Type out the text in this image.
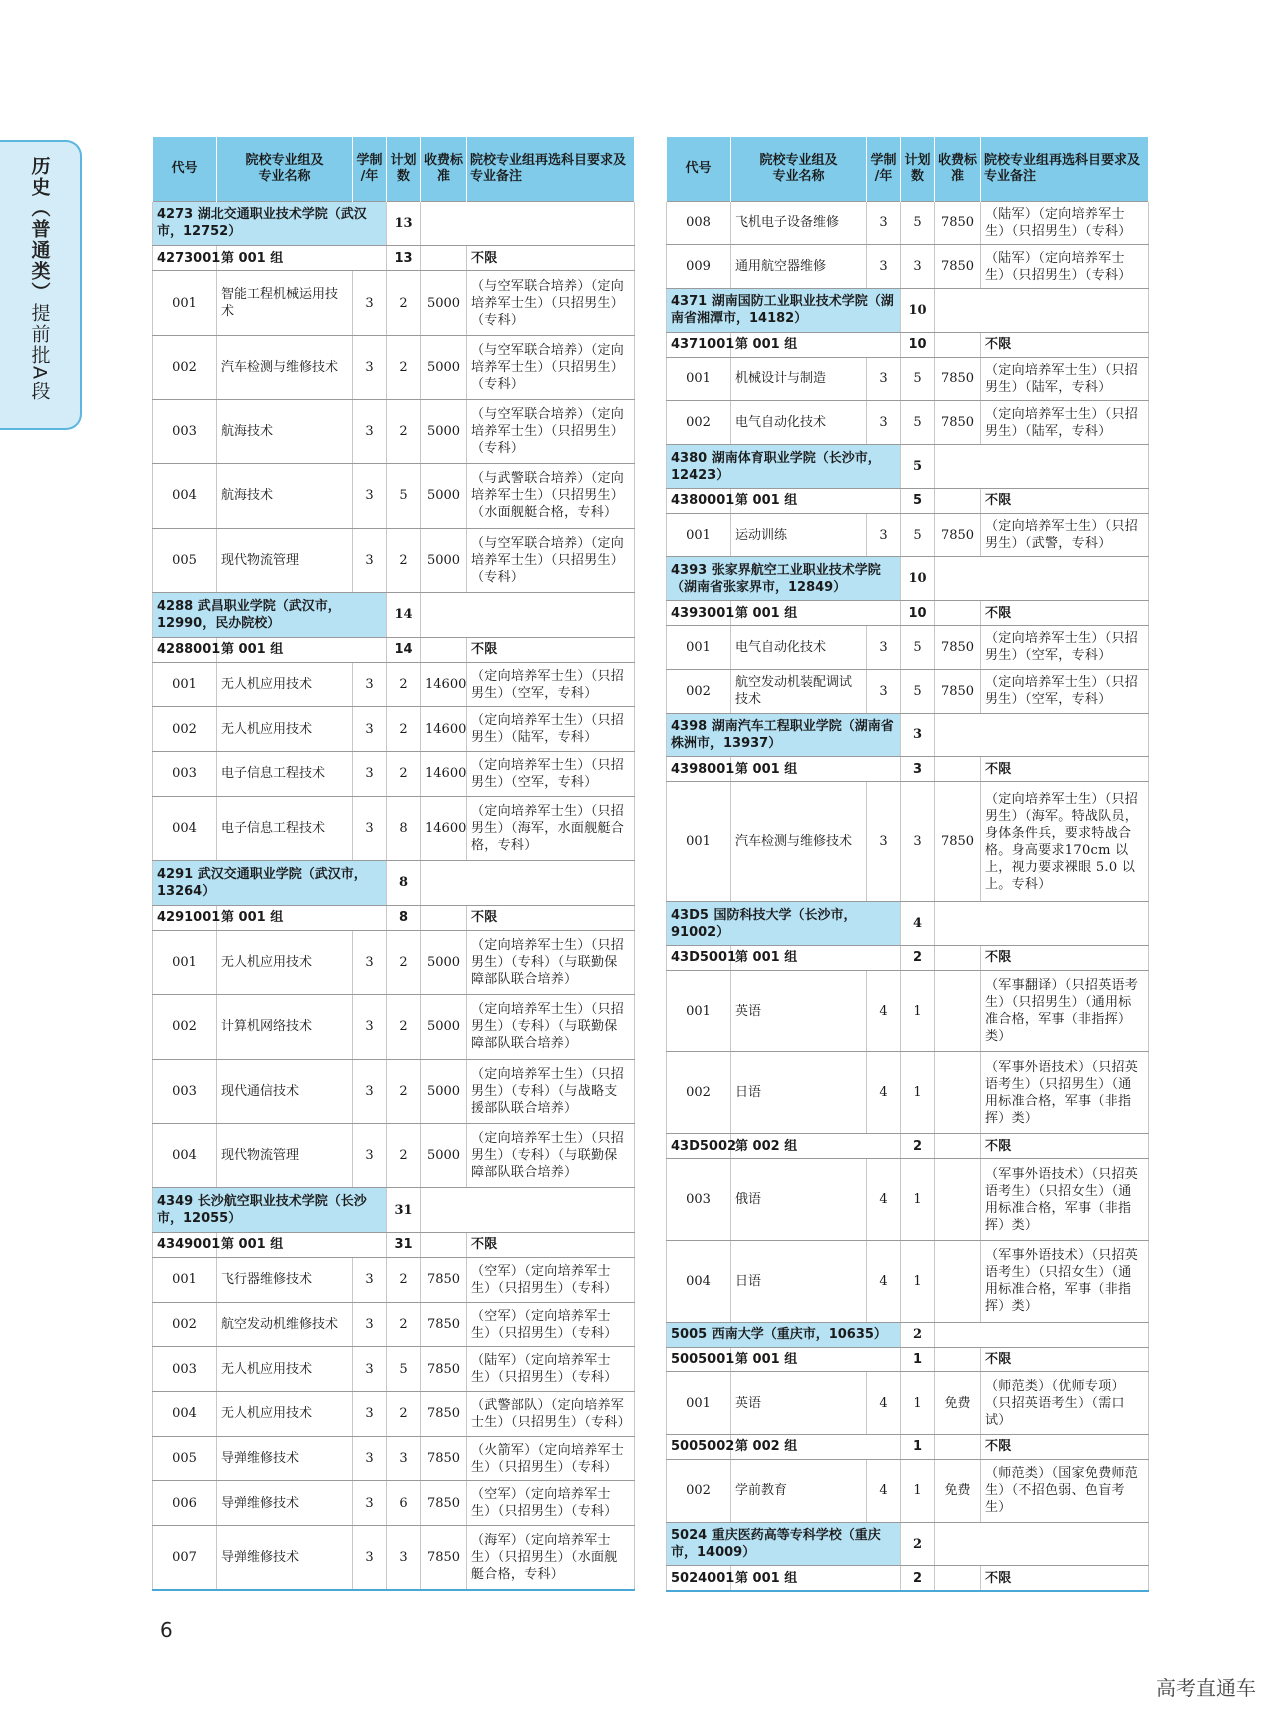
历史（普通类）提前批A段
代号	院校专业组及
专业名称	学制
/年	计划数	收费标准	院校专业组再选科目要求及专业备注
4273 湖北交通职业技术学院（武汉市，12752）			13		
4273001	第 001 组		13		不限
001	智能工程机械运用技术	3	2	5000	（与空军联合培养）（定向培养军士生）（只招男生）（专科）
002	汽车检测与维修技术	3	2	5000	（与空军联合培养）（定向培养军士生）（只招男生）（专科）
003	航海技术	3	2	5000	（与空军联合培养）（定向培养军士生）（只招男生）（专科）
004	航海技术	3	5	5000	（与武警联合培养）（定向培养军士生）（只招男生）（水面舰艇合格，专科）
005	现代物流管理	3	2	5000	（与空军联合培养）（定向培养军士生）（只招男生）（专科）
4288 武昌职业学院（武汉市，12990，民办院校）			14		
4288001	第 001 组		14		不限
001	无人机应用技术	3	2	14600	（定向培养军士生）（只招男生）（空军，专科）
002	无人机应用技术	3	2	14600	（定向培养军士生）（只招男生）（陆军，专科）
003	电子信息工程技术	3	2	14600	（定向培养军士生）（只招男生）（空军，专科）
004	电子信息工程技术	3	8	14600	（定向培养军士生）（只招男生）（海军，水面舰艇合格，专科）
4291 武汉交通职业学院（武汉市，13264）			8		
4291001	第 001 组		8		不限
001	无人机应用技术	3	2	5000	（定向培养军士生）（只招男生）（专科）（与联勤保障部队联合培养）
002	计算机网络技术	3	2	5000	（定向培养军士生）（只招男生）（专科）（与联勤保障部队联合培养）
003	现代通信技术	3	2	5000	（定向培养军士生）（只招男生）（专科）（与战略支援部队联合培养）
004	现代物流管理	3	2	5000	（定向培养军士生）（只招男生）（专科）（与联勤保障部队联合培养）
4349 长沙航空职业技术学院（长沙市，12055）			31		
4349001	第 001 组		31		不限
001	飞行器维修技术	3	2	7850	（空军）（定向培养军士生）（只招男生）（专科）
002	航空发动机维修技术	3	2	7850	（空军）（定向培养军士生）（只招男生）（专科）
003	无人机应用技术	3	5	7850	（陆军）（定向培养军士生）（只招男生）（专科）
004	无人机应用技术	3	2	7850	（武警部队）（定向培养军士生）（只招男生）（专科）
005	导弹维修技术	3	3	7850	（火箭军）（定向培养军士生）（只招男生）（专科）
006	导弹维修技术	3	6	7850	（空军）（定向培养军士生）（只招男生）（专科）
007	导弹维修技术	3	3	7850	（海军）（定向培养军士生）（只招男生）（水面舰艇合格，专科）
代号	院校专业组及
专业名称	学制
/年	计划数	收费标准	院校专业组再选科目要求及专业备注
008	飞机电子设备维修	3	5	7850	（陆军）（定向培养军士生）（只招男生）（专科）
009	通用航空器维修	3	3	7850	（陆军）（定向培养军士生）（只招男生）（专科）
4371 湖南国防工业职业技术学院（湖南省湘潭市，14182）			10		
4371001	第 001 组		10		不限
001	机械设计与制造	3	5	7850	（定向培养军士生）（只招男生）（陆军，专科）
002	电气自动化技术	3	5	7850	（定向培养军士生）（只招男生）（陆军，专科）
4380 湖南体育职业学院（长沙市，12423）			5		
4380001	第 001 组		5		不限
001	运动训练	3	5	7850	（定向培养军士生）（只招男生）（武警，专科）
4393 张家界航空工业职业技术学院（湖南省张家界市，12849）			10		
4393001	第 001 组		10		不限
001	电气自动化技术	3	5	7850	（定向培养军士生）（只招男生）（空军，专科）
002	航空发动机装配调试技术	3	5	7850	（定向培养军士生）（只招男生）（空军，专科）
4398 湖南汽车工程职业学院（湖南省株洲市，13937）			3		
4398001	第 001 组		3		不限
001	汽车检测与维修技术	3	3	7850	（定向培养军士生）（只招男生）（海军。特战队员，身体条件兵，要求特战合格。身高要求170cm 以上，视力要求裸眼 5.0 以上。专科）
43D5 国防科技大学（长沙市，91002）			4		
43D5001	第 001 组		2		不限
001	英语	4	1		（军事翻译）（只招英语考生）（只招男生）（通用标准合格，军事（非指挥）类）
002	日语	4	1		（军事外语技术）（只招英语考生）（只招男生）（通用标准合格，军事（非指挥）类）
43D5002	第 002 组		2		不限
003	俄语	4	1		（军事外语技术）（只招英语考生）（只招女生）（通用标准合格，军事（非指挥）类）
004	日语	4	1		（军事外语技术）（只招英语考生）（只招女生）（通用标准合格，军事（非指挥）类）
5005 西南大学（重庆市，10635）			2		
5005001	第 001 组		1		不限
001	英语	4	1	免费	（师范类）（优师专项）（只招英语考生）（需口试）
5005002	第 002 组		1		不限
002	学前教育	4	1	免费	（师范类）（国家免费师范生）（不招色弱、色盲考生）
5024 重庆医药高等专科学校（重庆市，14009）			2		
5024001	第 001 组		2		不限
6
高考直通车
